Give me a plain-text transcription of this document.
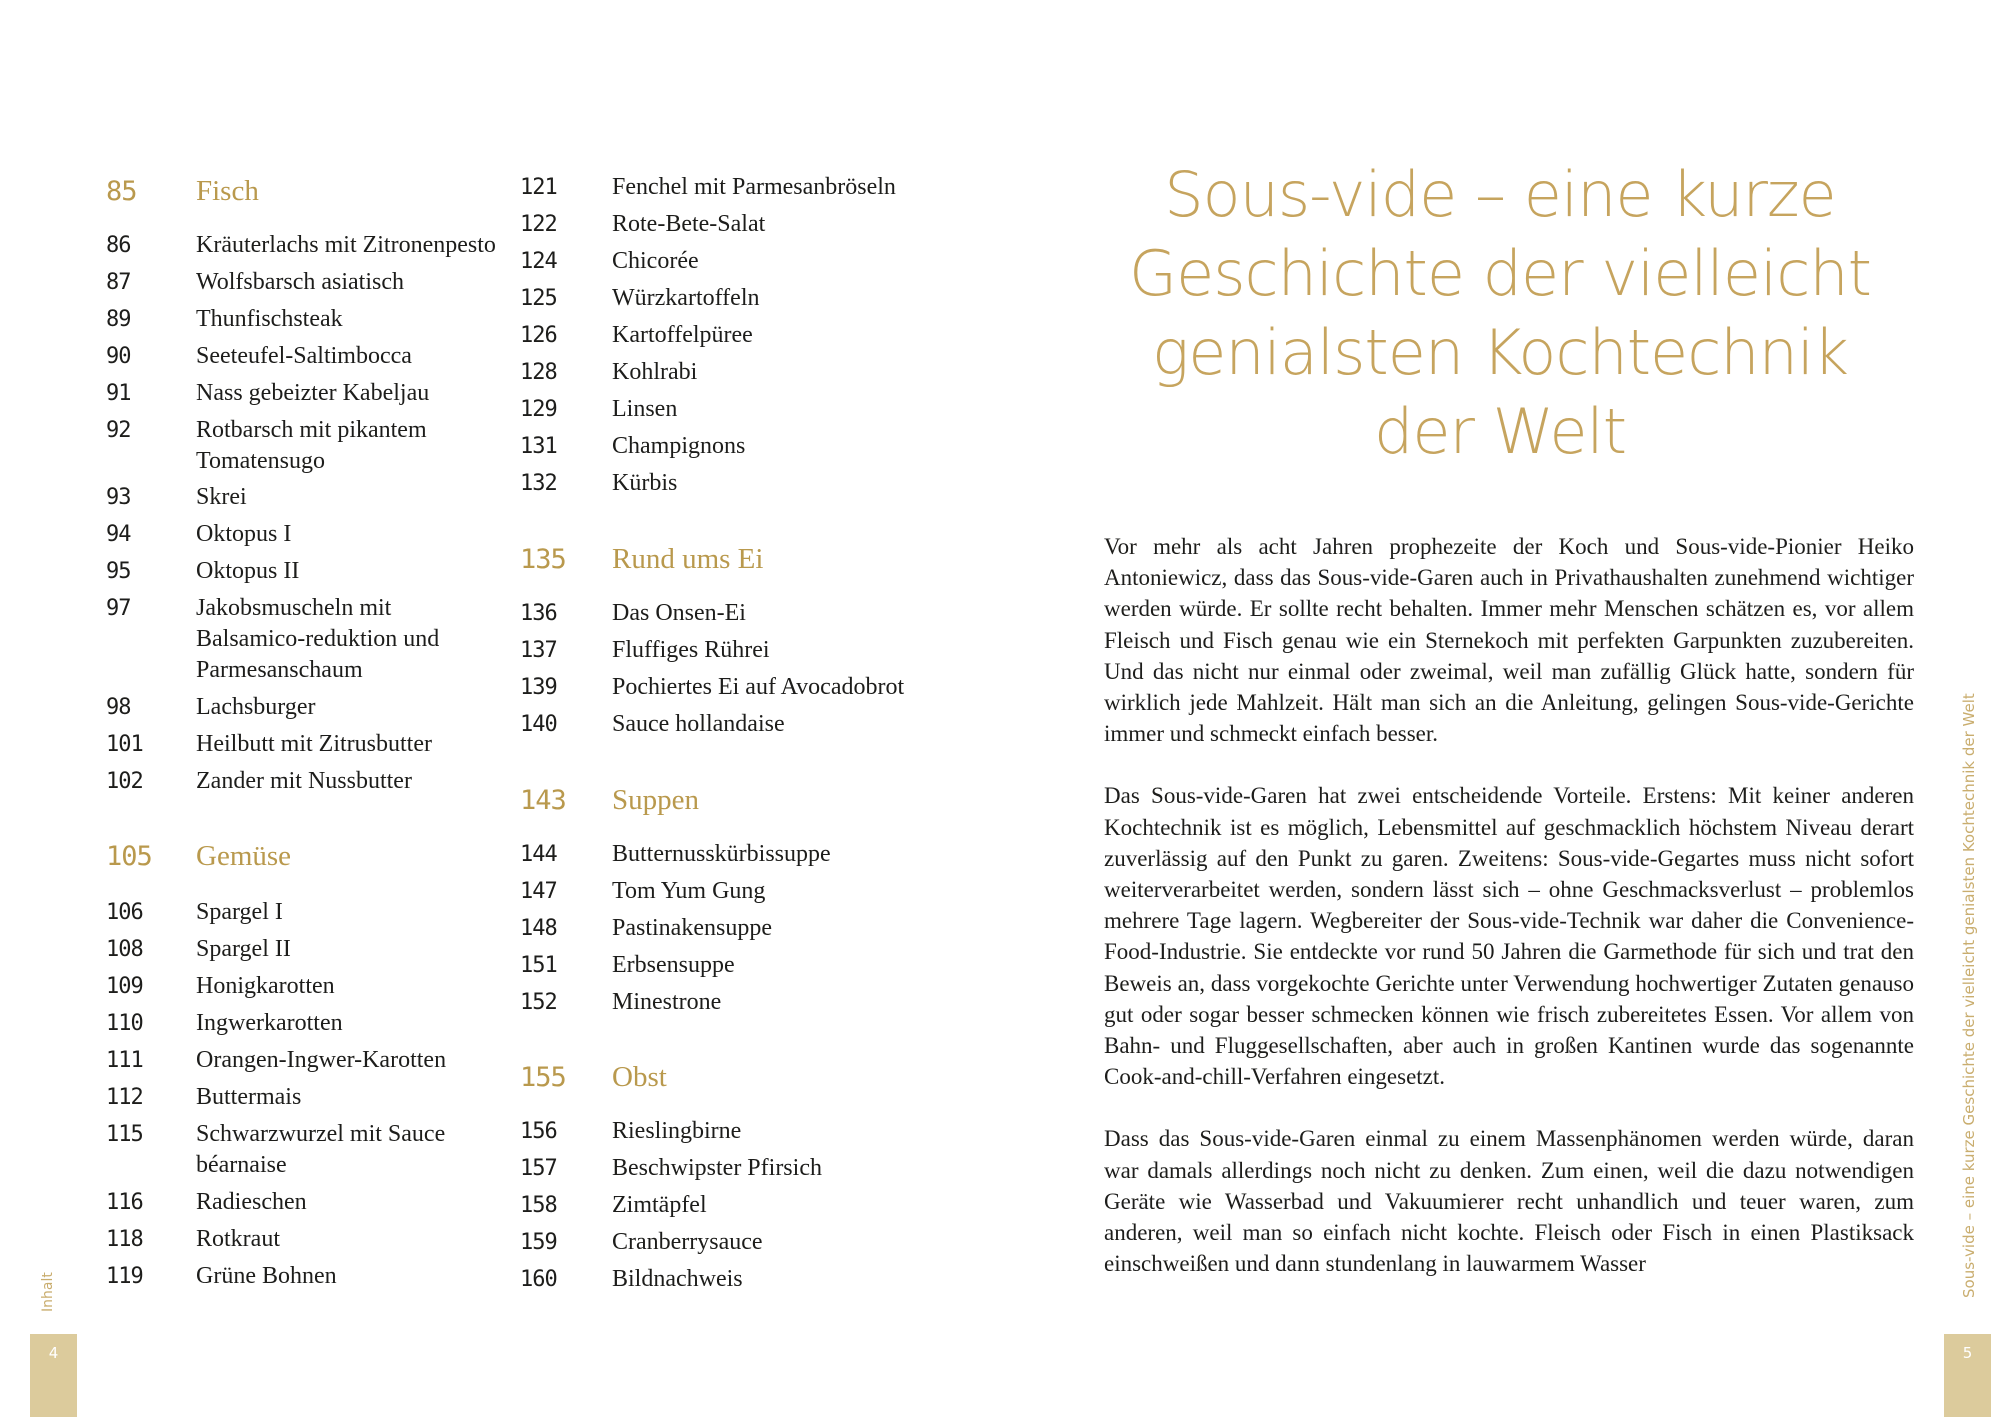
85 Fisch
86	Kräuterlachs mit Zitronenpesto
87	Wolfsbarsch asiatisch
89	Thunfischsteak
90	Seeteufel-Saltimbocca
91	Nass gebeizter Kabeljau
92	Rotbarsch mit pikantem
Tomatensugo
93	Skrei
94	Oktopus I
95	Oktopus II
97	Jakobsmuscheln mit
Balsamico-reduktion und
Parmesanschaum
98	Lachsburger
101 Heilbutt mit Zitrusbutter
102 Zander mit Nussbutter
105 Gemüse
106 Spargel I
108 Spargel II
109 Honigkarotten
110 Ingwerkarotten
111 Orangen-Ingwer-Karotten
112 Buttermais
115 Schwarzwurzel mit Sauce
béarnaise
116 Radieschen
118 Rotkraut
119 Grüne Bohnen
121 Fenchel mit Parmesanbröseln
122 Rote-Bete-Salat
124 Chicorée
125 Würzkartoffeln
126 Kartoffelpüree
128 Kohlrabi
129 Linsen
131 Champignons
132 Kürbis
135 Rund ums Ei
136 Das Onsen-Ei
137 Fluffiges Rührei
139 Pochiertes Ei auf Avocadobrot
140 Sauce hollandaise
143 Suppen
144 Butternusskürbissuppe
147 Tom Yum Gung
148 Pastinakensuppe
151 Erbsensuppe
152 Minestrone
155 Obst
156 Rieslingbirne
157 Beschwipster Pfirsich
158 Zimtäpfel
159 Cranberrysauce
160 Bildnachweis
Sous-vide – eine kurze
Geschichte der vielleicht
genialsten Kochtechnik
der Welt

Vor mehr als acht Jahren prophezeite der Koch und Sous-vide-Pionier Heiko Antoniewicz, dass das Sous-vide-Garen auch in Privathaushalten zunehmend wichtiger werden würde. Er sollte recht behalten. Immer mehr Menschen schätzen es, vor allem Fleisch und Fisch genau wie ein Sternekoch mit perfekten Garpunkten zuzubereiten. Und das nicht nur einmal oder zweimal, weil man zufällig Glück hatte, sondern für wirklich jede Mahlzeit. Hält man sich an die Anleitung, gelingen Sous-vide-Gerichte immer und schmeckt einfach besser.

Das Sous-vide-Garen hat zwei entscheidende Vorteile. Erstens: Mit keiner anderen Kochtechnik ist es möglich, Lebensmittel auf geschmacklich höchstem Niveau derart zuverlässig auf den Punkt zu garen. Zweitens: Sous-vide-Gegartes muss nicht sofort weiterverarbeitet werden, sondern lässt sich – ohne Geschmacksverlust – problemlos mehrere Tage lagern. Wegbereiter der Sous-vide-Technik war daher die Convenience-Food-Industrie. Sie entdeckte vor rund 50 Jahren die Garmethode für sich und trat den Beweis an, dass vorgekochte Gerichte unter Verwendung hochwertiger Zutaten genauso gut oder sogar besser schmecken können wie frisch zubereitetes Essen. Vor allem von Bahn- und Fluggesellschaften, aber auch in großen Kantinen wurde das sogenannte Cook-and-chill-Verfahren eingesetzt.

Dass das Sous-vide-Garen einmal zu einem Massenphänomen werden würde, daran war damals allerdings noch nicht zu denken. Zum einen, weil die dazu notwendigen Geräte wie Wasserbad und Vakuumierer recht unhandlich und teuer waren, zum anderen, weil man so einfach nicht kochte. Fleisch oder Fisch in einen Plastiksack einschweißen und dann stundenlang in lauwarmem Wasser

Inhalt	Sous-vide – eine kurze Geschichte der vielleicht genialsten Kochtechnik der Welt
4	5
